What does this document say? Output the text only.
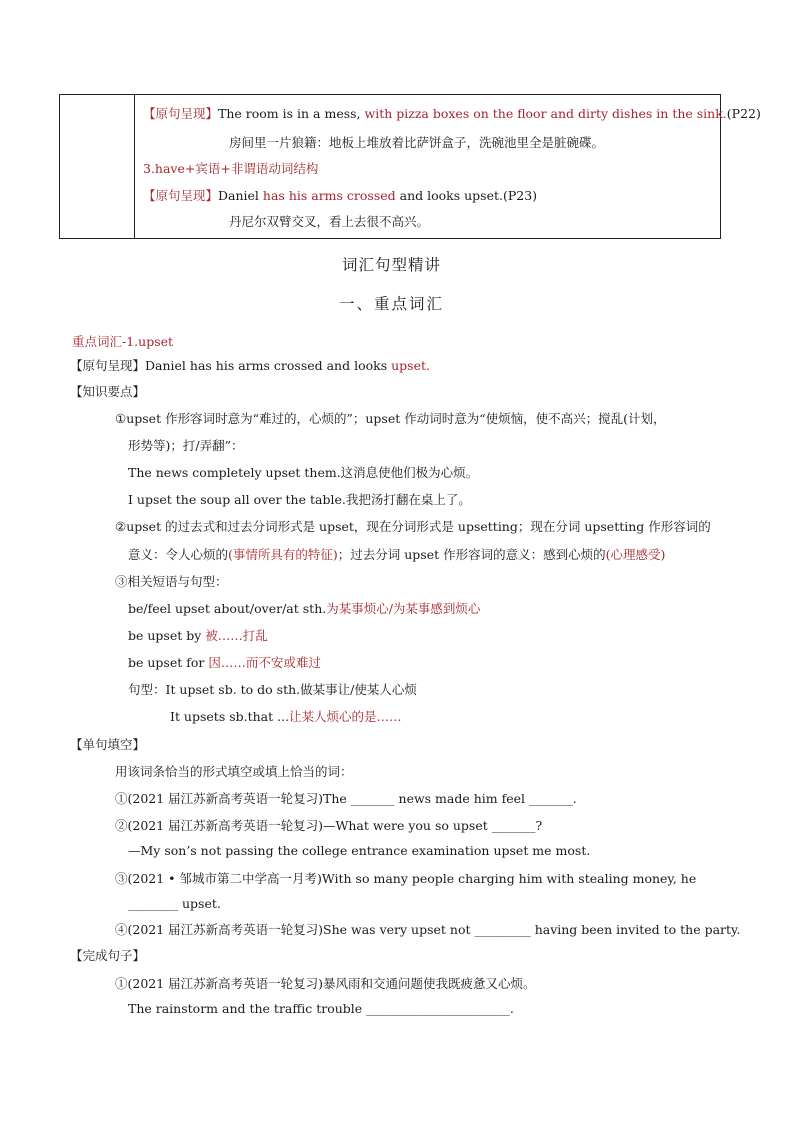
【原句呈现】The room is in a mess, with pizza boxes on the floor and dirty dishes in the sink.(P22)
房间里一片狼籍：地板上堆放着比萨饼盒子，洗碗池里全是脏碗碟。
3.have+宾语+非谓语动词结构
【原句呈现】Daniel has his arms crossed and looks upset.(P23)
丹尼尔双臂交叉，看上去很不高兴。
词汇句型精讲
一、重点词汇
重点词汇-1.upset
【原句呈现】Daniel has his arms crossed and looks upset.
【知识要点】
①upset 作形容词时意为“难过的，心烦的”；upset 作动词时意为“使烦恼，使不高兴；搅乱(计划，
形势等)；打/弄翻”：
The news completely upset them.这消息使他们极为心烦。
I upset the soup all over the table.我把汤打翻在桌上了。
②upset 的过去式和过去分词形式是 upset，现在分词形式是 upsetting；现在分词 upsetting 作形容词的
意义：令人心烦的(事情所具有的特征)；过去分词 upset 作形容词的意义：感到心烦的(心理感受)
③相关短语与句型：
be/feel upset about/over/at sth.为某事烦心/为某事感到烦心
be upset by 被……打乱
be upset for 因……而不安或难过
句型：It upset sb. to do sth.做某事让/使某人心烦
It upsets sb.that ...让某人烦心的是……
【单句填空】
用该词条恰当的形式填空或填上恰当的词：
①(2021 届江苏新高考英语一轮复习)The _______ news made him feel _______.
②(2021 届江苏新高考英语一轮复习)—What were you so upset _______?
—My son’s not passing the college entrance examination upset me most.
③(2021 • 邹城市第二中学高一月考)With so many people charging him with stealing money, he
________ upset.
④(2021 届江苏新高考英语一轮复习)She was very upset not _________ having been invited to the party.
【完成句子】
①(2021 届江苏新高考英语一轮复习)暴风雨和交通问题使我既疲惫又心烦。
The rainstorm and the traffic trouble _______________________.
